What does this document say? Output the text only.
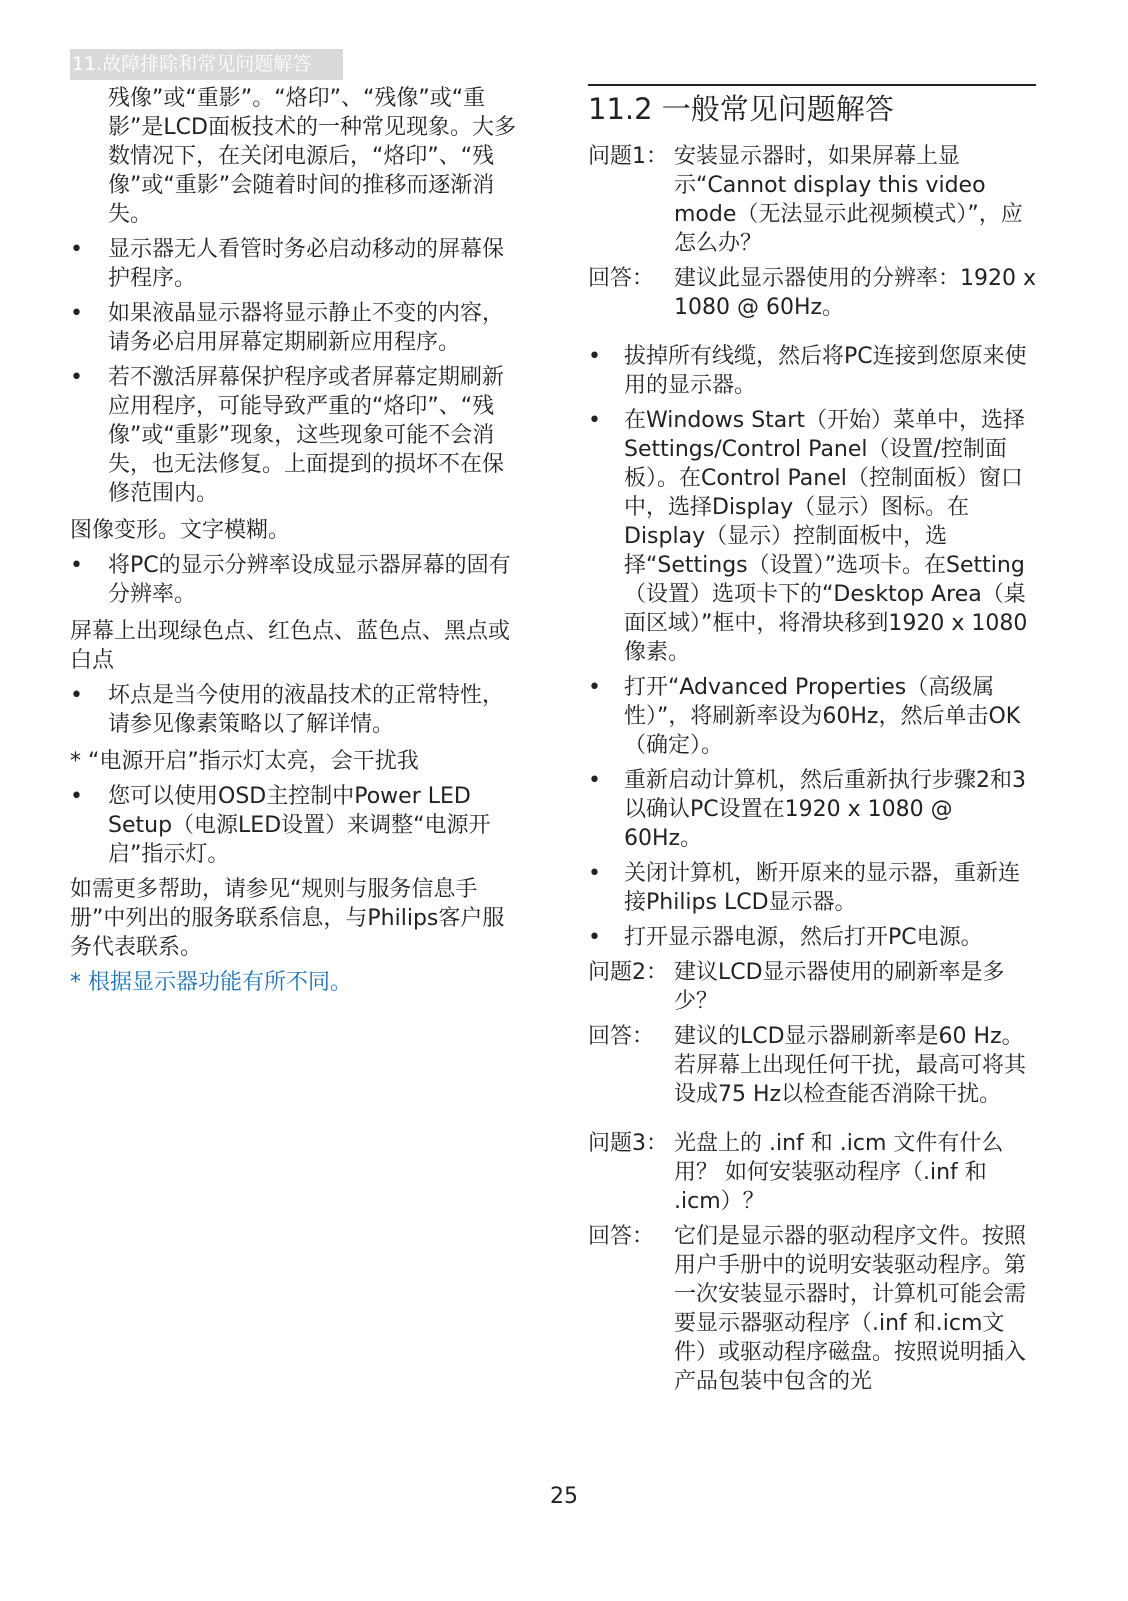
11.故障排除和常见问题解答

残像”或“重影”。“烙印”、“残像”或“重影”是LCD面板技术的一种常见现象。大多数情况下，在关闭电源后，“烙印”、“残像”或“重影”会随着时间的推移而逐渐消失。

•	显示器无人看管时务必启动移动的屏幕保护程序。
•	如果液晶显示器将显示静止不变的内容，请务必启用屏幕定期刷新应用程序。
•	若不激活屏幕保护程序或者屏幕定期刷新应用程序，可能导致严重的“烙印”、“残像”或“重影”现象，这些现象可能不会消失，也无法修复。上面提到的损坏不在保修范围内。
图像变形。文字模糊。
•	将PC的显示分辨率设成显示器屏幕的固有分辨率。
屏幕上出现绿色点、红色点、蓝色点、黑点或白点
•	坏点是当今使用的液晶技术的正常特性，请参见像素策略以了解详情。
* “电源开启”指示灯太亮，会干扰我
•	您可以使用OSD主控制中Power LED Setup（电源LED设置）来调整“电源开启”指示灯。

如需更多帮助，请参见“规则与服务信息手册”中列出的服务联系信息，与Philips客户服务代表联系。

* 根据显示器功能有所不同。

11.2 一般常见问题解答
问题1： 安装显示器时，如果屏幕上显示“Cannot display this video mode（无法显示此视频模式）”，应怎么办？
回答： 建议此显示器使用的分辨率：1920 x 1080 @ 60Hz。
•	拔掉所有线缆，然后将PC连接到您原来使用的显示器。
•	在Windows Start（开始）菜单中，选择Settings/Control Panel（设置/控制面板）。在Control Panel（控制面板）窗口中，选择Display（显示）图标。在Display（显示）控制面板中，选择“Settings（设置）”选项卡。在Setting（设置）选项卡下的“Desktop Area（桌面区域）”框中，将滑块移到1920 x 1080 像素。
•	打开“Advanced Properties（高级属性）”，将刷新率设为60Hz，然后单击OK（确定）。
•	重新启动计算机，然后重新执行步骤2和3以确认PC设置在1920 x 1080 @ 60Hz。
•	关闭计算机，断开原来的显示器，重新连接Philips LCD显示器。
•	打开显示器电源，然后打开PC电源。
问题2： 建议LCD显示器使用的刷新率是多少？
回答： 建议的LCD显示器刷新率是60 Hz。若屏幕上出现任何干扰，最高可将其设成75 Hz以检查能否消除干扰。
问题3： 光盘上的 .inf 和 .icm 文件有什么用？ 如何安装驱动程序（.inf 和 .icm）？
回答： 它们是显示器的驱动程序文件。按照用户手册中的说明安装驱动程序。第一次安装显示器时，计算机可能会需要显示器驱动程序（.inf 和.icm文件）或驱动程序磁盘。按照说明插入产品包装中包含的光
25
